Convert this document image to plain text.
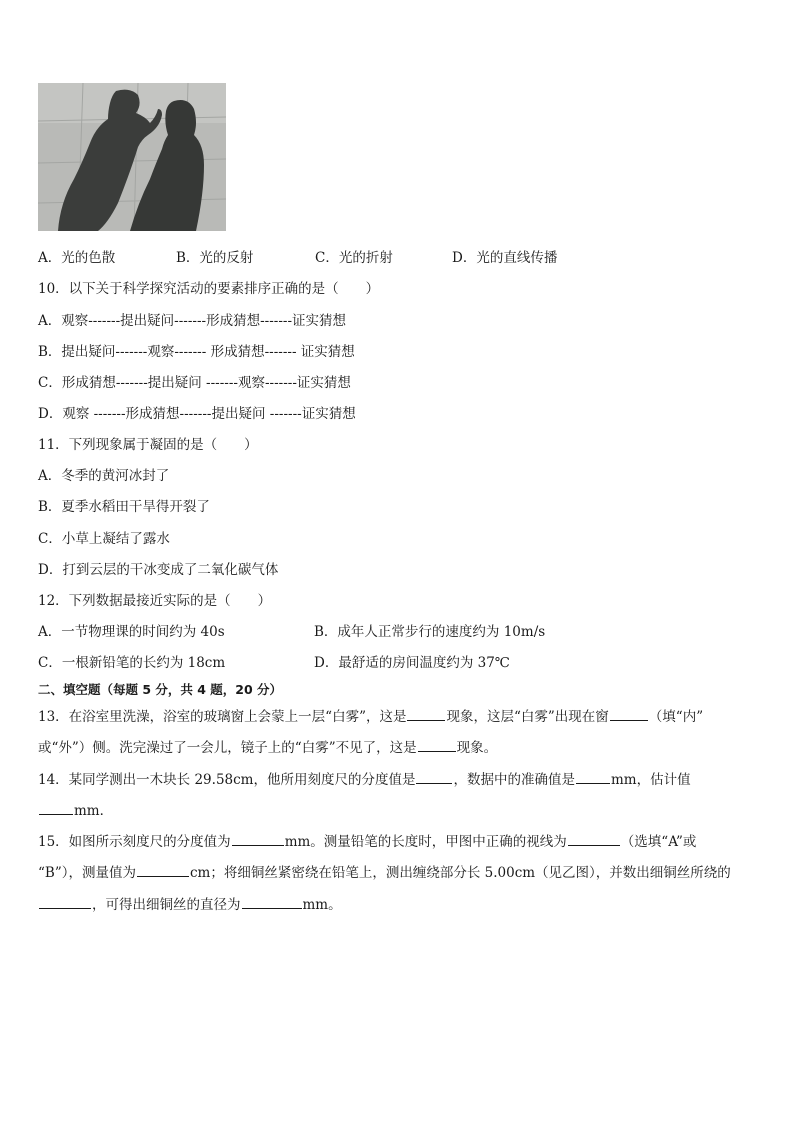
A．光的色散	B．光的反射	C．光的折射	D．光的直线传播
10．以下关于科学探究活动的要素排序正确的是（　　）
A．观察-------提出疑问-------形成猜想-------证实猜想
B．提出疑问-------观察------- 形成猜想------- 证实猜想
C．形成猜想-------提出疑问 -------观察-------证实猜想
D．观察 -------形成猜想-------提出疑问 -------证实猜想
11．下列现象属于凝固的是（　　）
A．冬季的黄河冰封了
B．夏季水稻田干旱得开裂了
C．小草上凝结了露水
D．打到云层的干冰变成了二氧化碳气体
12．下列数据最接近实际的是（　　）
A．一节物理课的时间约为 40s	B．成年人正常步行的速度约为 10m/s
C．一根新铅笔的长约为 18cm	D．最舒适的房间温度约为 37℃
二、填空题（每题 5 分，共 4 题，20 分）
13．在浴室里洗澡，浴室的玻璃窗上会蒙上一层“白雾”，这是	现象，这层“白雾”出现在窗	（填“内”
或“外”）侧。洗完澡过了一会儿，镜子上的“白雾”不见了，这是	现象。
14．某同学测出一木块长 29.58cm，他所用刻度尺的分度值是	，数据中的准确值是	mm，估计值
mm．
15．如图所示刻度尺的分度值为	mm。测量铅笔的长度时，甲图中正确的视线为	（选填“A”或
“B”），测量值为	cm；将细铜丝紧密绕在铅笔上，测出缠绕部分长 5.00cm（见乙图），并数出细铜丝所绕的
，可得出细铜丝的直径为	mm。
